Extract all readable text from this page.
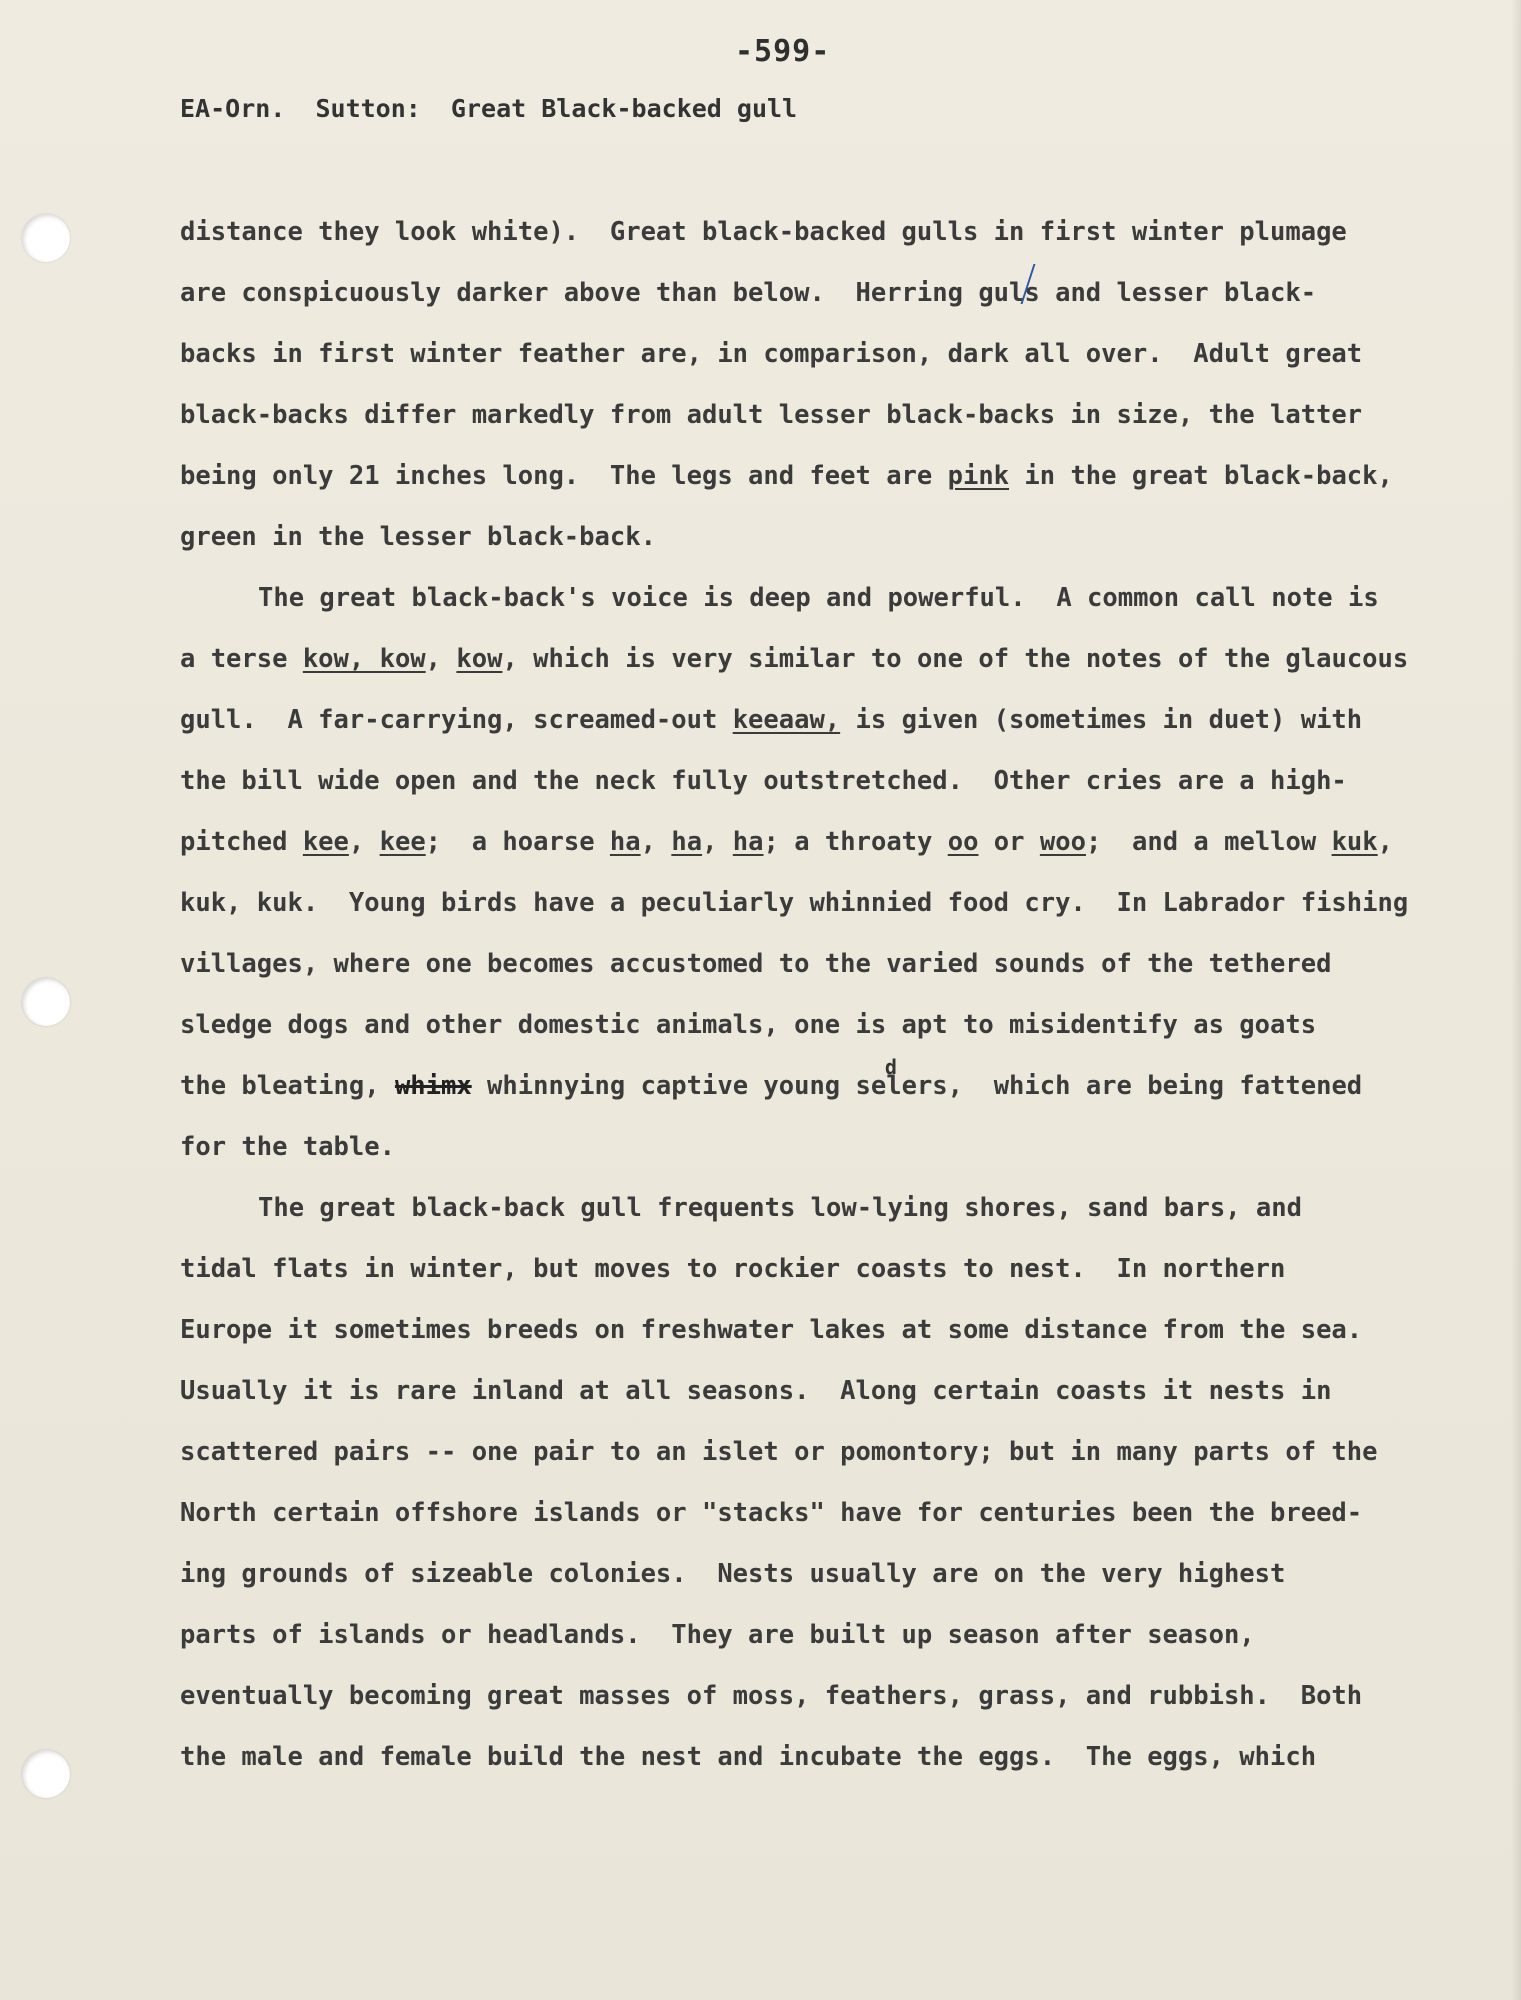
-599-
EA-Orn.  Sutton:  Great Black-backed gull
distance they look white).  Great black-backed gulls in first winter plumage
are conspicuously darker above than below.  Herring guls and lesser black-
backs in first winter feather are, in comparison, dark all over.  Adult great
black-backs differ markedly from adult lesser black-backs in size, the latter
being only 21 inches long.  The legs and feet are pink in the great black-back,
green in the lesser black-back.
The great black-back's voice is deep and powerful.  A common call note is
a terse kow, kow, kow, which is very similar to one of the notes of the glaucous
gull.  A far-carrying, screamed-out keeaaw, is given (sometimes in duet) with
the bill wide open and the neck fully outstretched.  Other cries are a high-
pitched kee, kee;  a hoarse ha, ha, ha; a throaty oo or woo;  and a mellow kuk,
kuk, kuk.  Young birds have a peculiarly whinnied food cry.  In Labrador fishing
villages, where one becomes accustomed to the varied sounds of the tethered
sledge dogs and other domestic animals, one is apt to misidentify as goats
the bleating, whimx whinnying captive young se
d
lers,  which are being fattened
for the table.
The great black-back gull frequents low-lying shores, sand bars, and
tidal flats in winter, but moves to rockier coasts to nest.  In northern
Europe it sometimes breeds on freshwater lakes at some distance from the sea.
Usually it is rare inland at all seasons.  Along certain coasts it nests in
scattered pairs -- one pair to an islet or pomontory; but in many parts of the
North certain offshore islands or "stacks" have for centuries been the breed-
ing grounds of sizeable colonies.  Nests usually are on the very highest
parts of islands or headlands.  They are built up season after season,
eventually becoming great masses of moss, feathers, grass, and rubbish.  Both
the male and female build the nest and incubate the eggs.  The eggs, which
